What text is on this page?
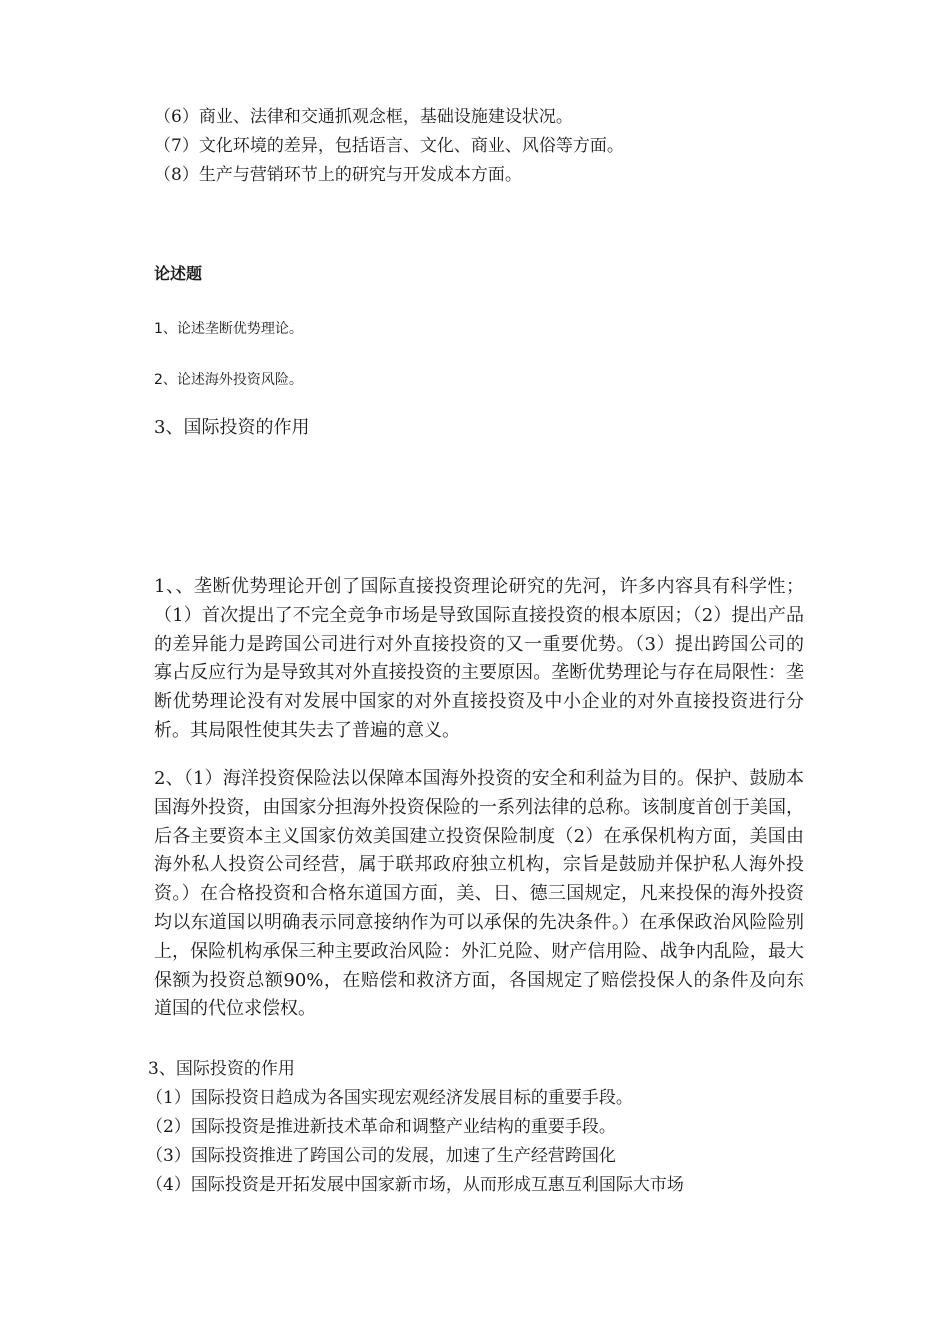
（6）商业、法律和交通抓观念框，基础设施建设状况。
（7）文化环境的差异，包括语言、文化、商业、风俗等方面。
（8）生产与营销环节上的研究与开发成本方面。
论述题
1、论述垄断优势理论。
2、论述海外投资风险。
3、国际投资的作用

1、、垄断优势理论开创了国际直接投资理论研究的先河，许多内容具有科学性；（1）首次提出了不完全竞争市场是导致国际直接投资的根本原因；（2）提出产品的差异能力是跨国公司进行对外直接投资的又一重要优势。（3）提出跨国公司的寡占反应行为是导致其对外直接投资的主要原因。垄断优势理论与存在局限性：垄断优势理论没有对发展中国家的对外直接投资及中小企业的对外直接投资进行分析。其局限性使其失去了普遍的意义。

2、（1）海洋投资保险法以保障本国海外投资的安全和利益为目的。保护、鼓励本国海外投资，由国家分担海外投资保险的一系列法律的总称。该制度首创于美国，后各主要资本主义国家仿效美国建立投资保险制度（2）在承保机构方面，美国由海外私人投资公司经营，属于联邦政府独立机构，宗旨是鼓励并保护私人海外投资。）在合格投资和合格东道国方面，美、日、德三国规定，凡来投保的海外投资均以东道国以明确表示同意接纳作为可以承保的先决条件。）在承保政治风险险别上，保险机构承保三种主要政治风险：外汇兑险、财产信用险、战争内乱险，最大保额为投资总额90%，在赔偿和救济方面，各国规定了赔偿投保人的条件及向东道国的代位求偿权。

3、国际投资的作用
（1）国际投资日趋成为各国实现宏观经济发展目标的重要手段。
（2）国际投资是推进新技术革命和调整产业结构的重要手段。
（3）国际投资推进了跨国公司的发展，加速了生产经营跨国化
（4）国际投资是开拓发展中国家新市场，从而形成互惠互利国际大市场
